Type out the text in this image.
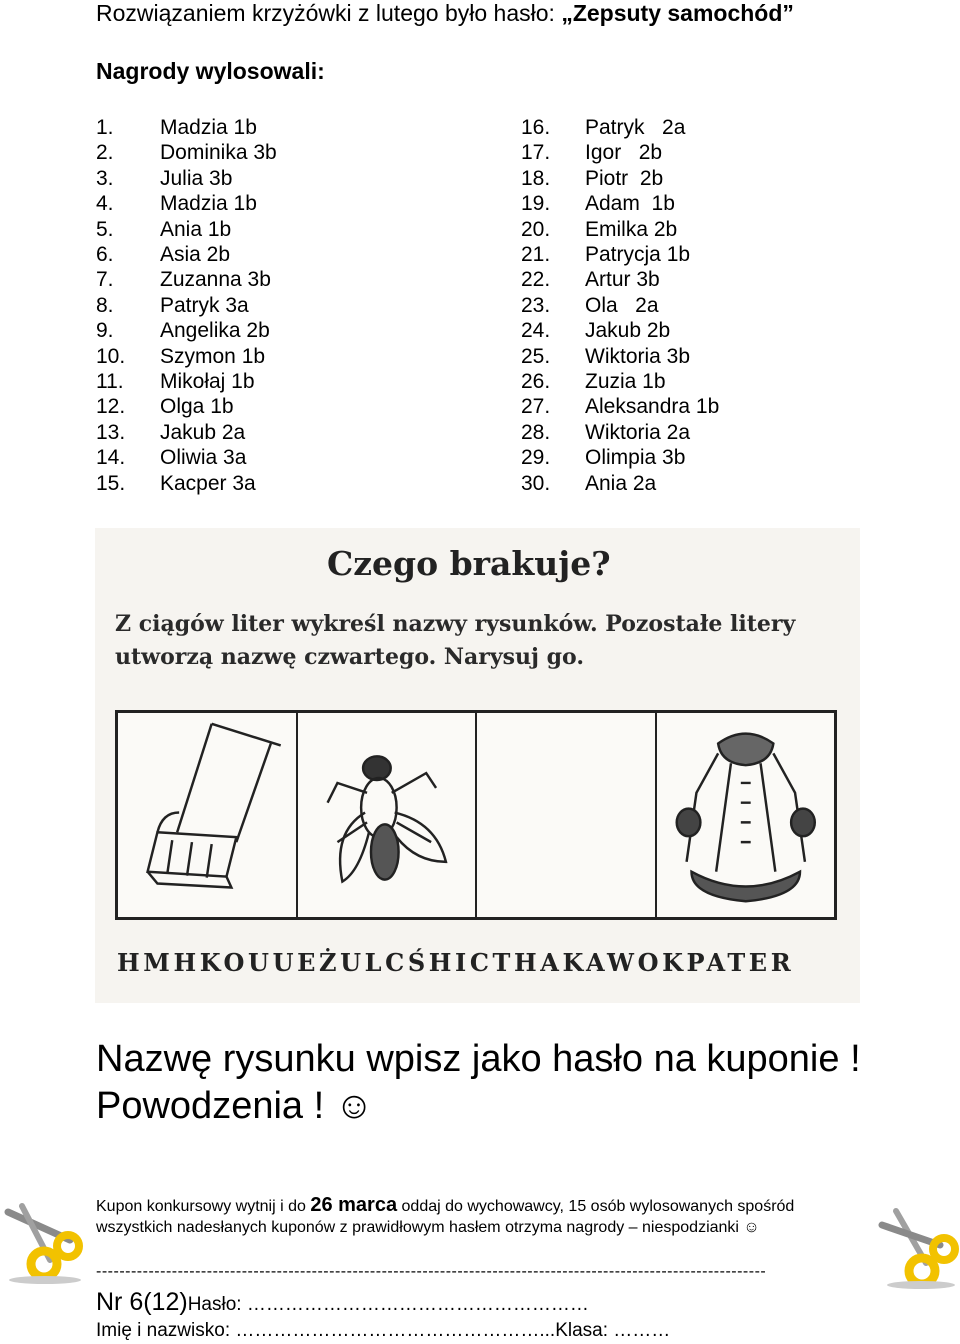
Rozwiązaniem krzyżówki z lutego było hasło: „Zepsuty samochód”
Nagrody wylosowali:
1.	Madzia 1b
2.	Dominika 3b
3.	Julia 3b
4.	Madzia 1b
5.	Ania 1b
6.	Asia 2b
7.	Zuzanna 3b
8.	Patryk 3a
9.	Angelika 2b
10.	Szymon 1b
11.	Mikołaj 1b
12.	Olga 1b
13.	Jakub 2a
14.	Oliwia 3a
15.	Kacper 3a
16.	Patryk   2a
17.	Igor   2b
18.	Piotr  2b
19.	Adam  1b
20.	Emilka 2b
21.	Patrycja 1b
22.	Artur 3b
23.	Ola   2a
24.	Jakub 2b
25.	Wiktoria 3b
26.	Zuzia 1b
27.	Aleksandra 1b
28.	Wiktoria 2a
29.	Olimpia 3b
30.	Ania 2a
Czego brakuje?
Z ciągów liter wykreśl nazwy rysunków. Pozostałe litery utworzą nazwę czwartego. Narysuj go.
HMHKOUUEŻULCŚHICTHAKAWOKPATER
Nazwę rysunku wpisz jako hasło na kuponie !
Powodzenia ! ☺
Kupon konkursowy wytnij i do 26 marca oddaj do wychowawcy, 15 osób wylosowanych spośród wszystkich nadesłanych kuponów z prawidłowym hasłem otrzyma nagrody – niespodzianki ☺
-------------------------------------------------------------------------------------------------------------------
Nr 6(12)Hasło: ………………………………………………
Imię i nazwisko: …………………………………………...Klasa: ………
